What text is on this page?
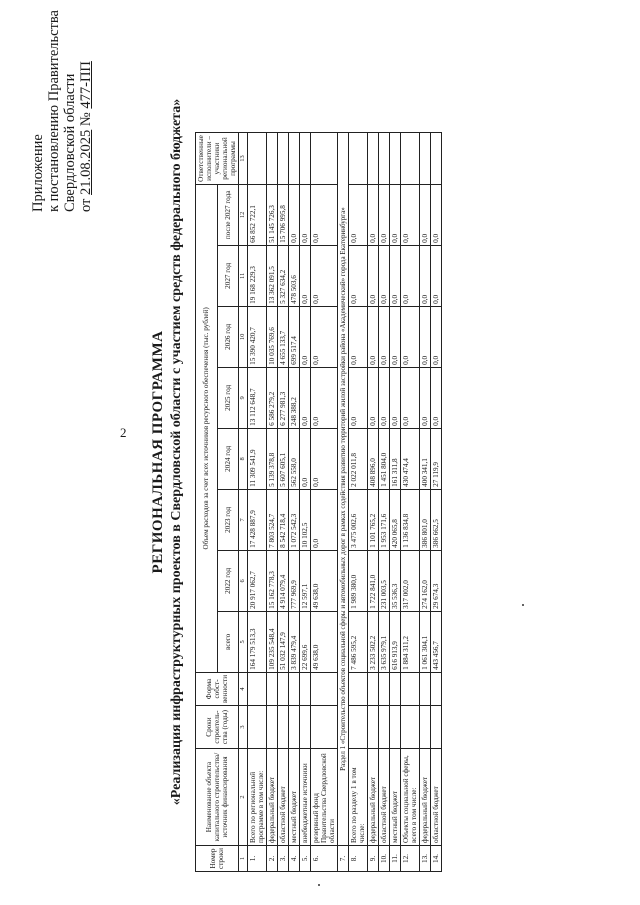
2
Приложение к постановлению Правительства Свердловской области от 21.08.2025 № 477-ПП
РЕГИОНАЛЬНАЯ ПРОГРАММА «Реализация инфраструктурных проектов в Свердловской области с участием средств федерального бюджета»
Номер строки	Наименование объекта капитального строительства/источник финансирования	Сроки строитель-ства (годы)	Форма собст-венности	Объем расходов за счет всех источников ресурсного обеспечения (тыс. рублей)								Ответственные исполнители – участники региональной программы
				всего	2022 год	2023 год	2024 год	2025 год	2026 год	2027 год	после 2027 года	
1	2	3	4	5	6	7	8	9	10	11	12	13
1.	Всего по региональной программе в том числе:			164 179 513,3	20 917 062,7	17 428 887,9	11 309 541,9	13 112 648,7	15 390 420,7	19 168 229,3	66 852 722,1	
2.	федеральный бюджет			109 235 548,4	15 162 778,3	7 803 524,7	5 139 378,8	6 586 279,2	10 035 769,6	13 362 091,5	51 145 726,3	
3.	областной бюджет			51 032 147,9	4 914 079,4	8 542 718,4	5 607 605,1	6 277 981,3	4 655 133,7	5 327 634,2	15 706 995,8	
4.	местный бюджет			3 839 479,4	777 969,9	1 072 542,3	562 558,0	248 388,2	699 517,4	478 503,6	0,0	
5.	внебюджетные источники			22 699,6	12 597,1	10 102,5	0,0	0,0	0,0	0,0	0,0	
6.	резервный фонд Правительства Свердловской области			49 638,0	49 638,0	0,0	0,0	0,0	0,0	0,0	0,0	
7.	Раздел 1 «Строительство объектов социальной сферы и автомобильных дорог в рамках содействия развитию территорий жилой застройки района «Академический» города Екатеринбурга»											
8.	Всего по разделу 1 в том числе:			7 486 595,2	1 989 380,0	3 475 002,6	2 022 011,8	0,0	0,0	0,0	0,0	
9.	федеральный бюджет			3 233 502,2	1 722 841,0	1 101 765,2	408 896,0	0,0	0,0	0,0	0,0	
10.	областной бюджет			3 635 979,1	231 003,5	1 953 171,6	1 451 804,0	0,0	0,0	0,0	0,0	
11.	местный бюджет			616 913,9	35 536,3	420 065,8	161 311,8	0,0	0,0	0,0	0,0	
12.	Объекты социальной сферы, всего в том числе:			1 884 311,2	317 002,0	1 136 834,8	430 474,4	0,0	0,0	0,0	0,0	
13.	федеральный бюджет			1 061 304,1	274 162,0	386 801,0	400 341,1	0,0	0,0	0,0	0,0	
14.	областной бюджет			443 456,7	29 674,3	386 662,5	27 119,9	0,0	0,0	0,0	0,0	
